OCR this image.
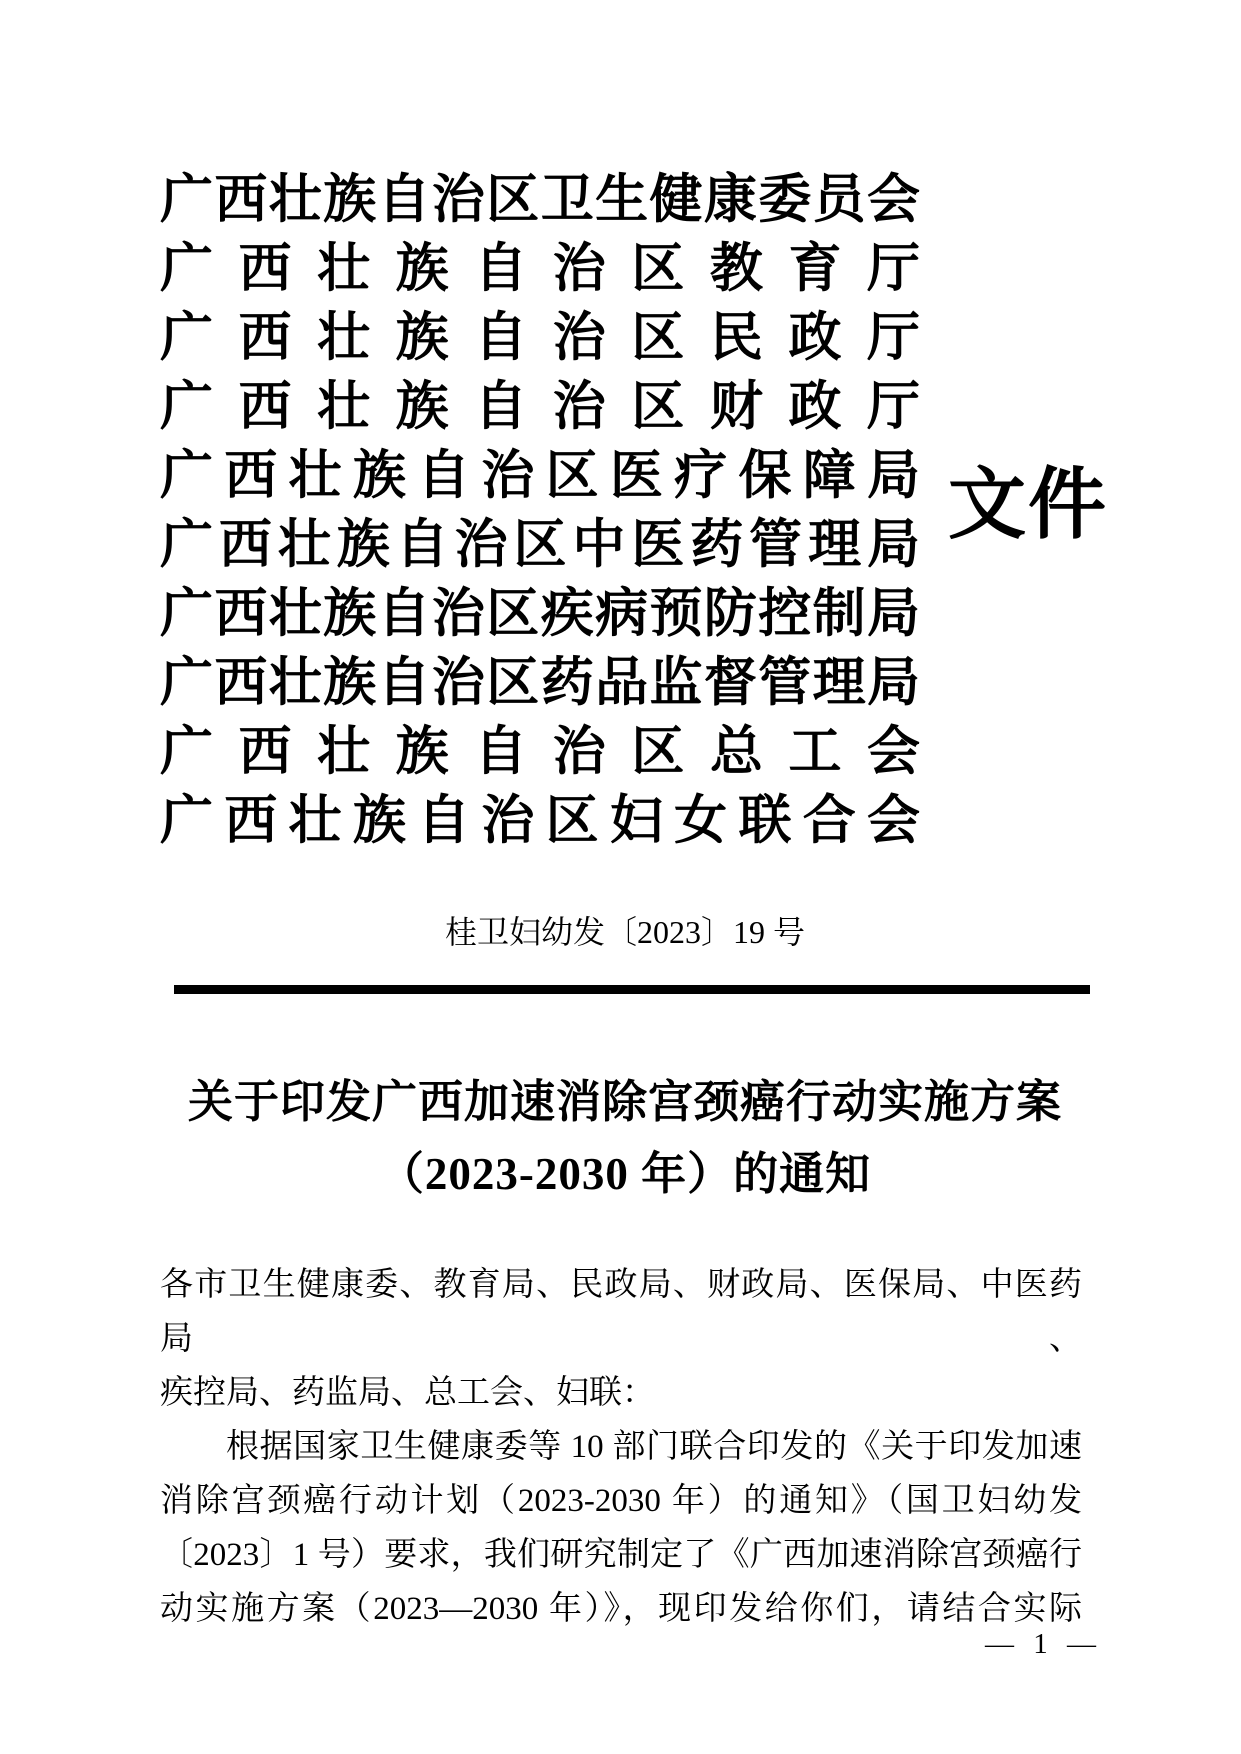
广西壮族自治区卫生健康委员会
广西壮族自治区教育厅
广西壮族自治区民政厅
广西壮族自治区财政厅
广西壮族自治区医疗保障局
广西壮族自治区中医药管理局
广西壮族自治区疾病预防控制局
广西壮族自治区药品监督管理局
广西壮族自治区总工会
广西壮族自治区妇女联合会
文件
桂卫妇幼发〔2023〕19 号
关于印发广西加速消除宫颈癌行动实施方案
（2023-2030 年）的通知
各市卫生健康委、教育局、民政局、财政局、医保局、中医药局、
疾控局、药监局、总工会、妇联：
根据国家卫生健康委等 10 部门联合印发的《关于印发加速
消除宫颈癌行动计划（2023-2030 年）的通知》（国卫妇幼发
〔2023〕1 号）要求，我们研究制定了《广西加速消除宫颈癌行
动实施方案（2023—2030 年）》，现印发给你们，请结合实际
— 1 —
